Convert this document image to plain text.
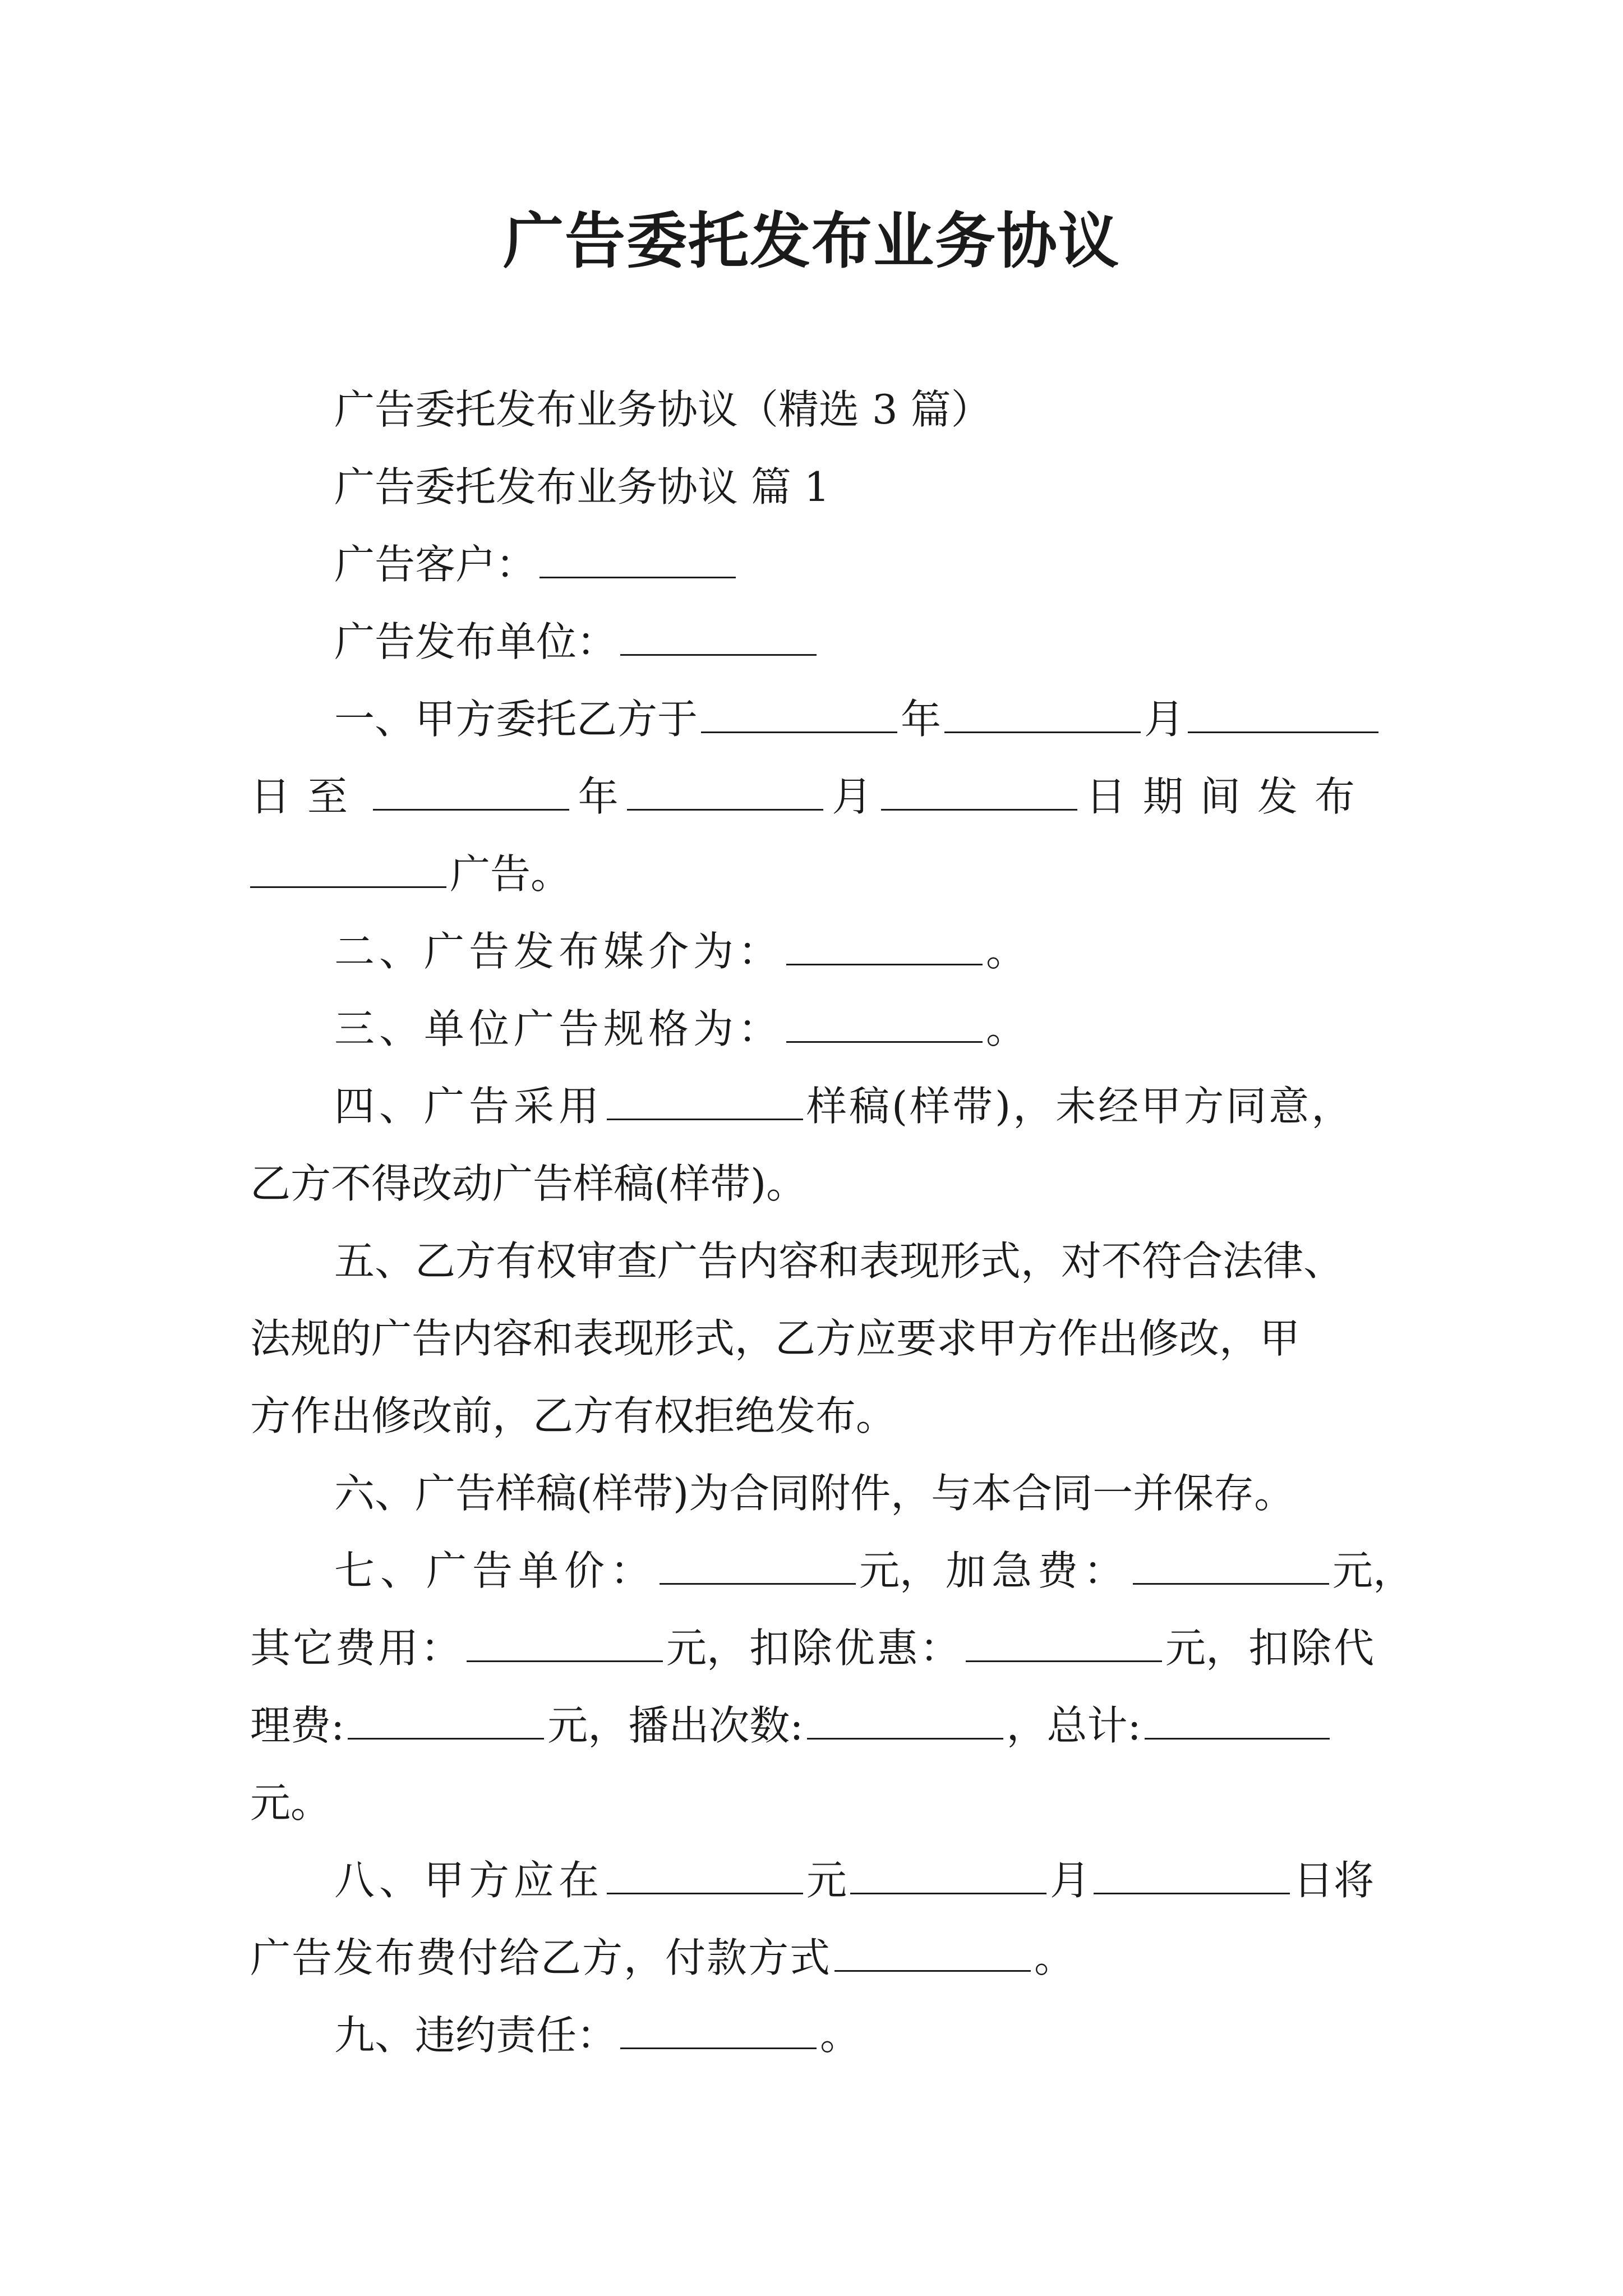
广告委托发布业务协议

广告委托发布业务协议（精选 3 篇）

广告委托发布业务协议 篇 1

广告客户：

广告发布单位：

一、甲方委托乙方于	年	月

日至	年	月	日期间发布

广告。

二、广告发布媒介为：	。

三、单位广告规格为：	。

四、广告采用	样稿(样带)，未经甲方同意，

乙方不得改动广告样稿(样带)。

五、乙方有权审查广告内容和表现形式，对不符合法律、

法规的广告内容和表现形式，乙方应要求甲方作出修改，甲

方作出修改前，乙方有权拒绝发布。

六、广告样稿(样带)为合同附件，与本合同一并保存。

七、广告单价：	元，加急费：	元，

其它费用：	元，扣除优惠：	元，扣除代

理费:	元，播出次数:	，总计:

元。

八、甲方应在	元	月	日将

广告发布费付给乙方，付款方式	。

九、违约责任：	。
